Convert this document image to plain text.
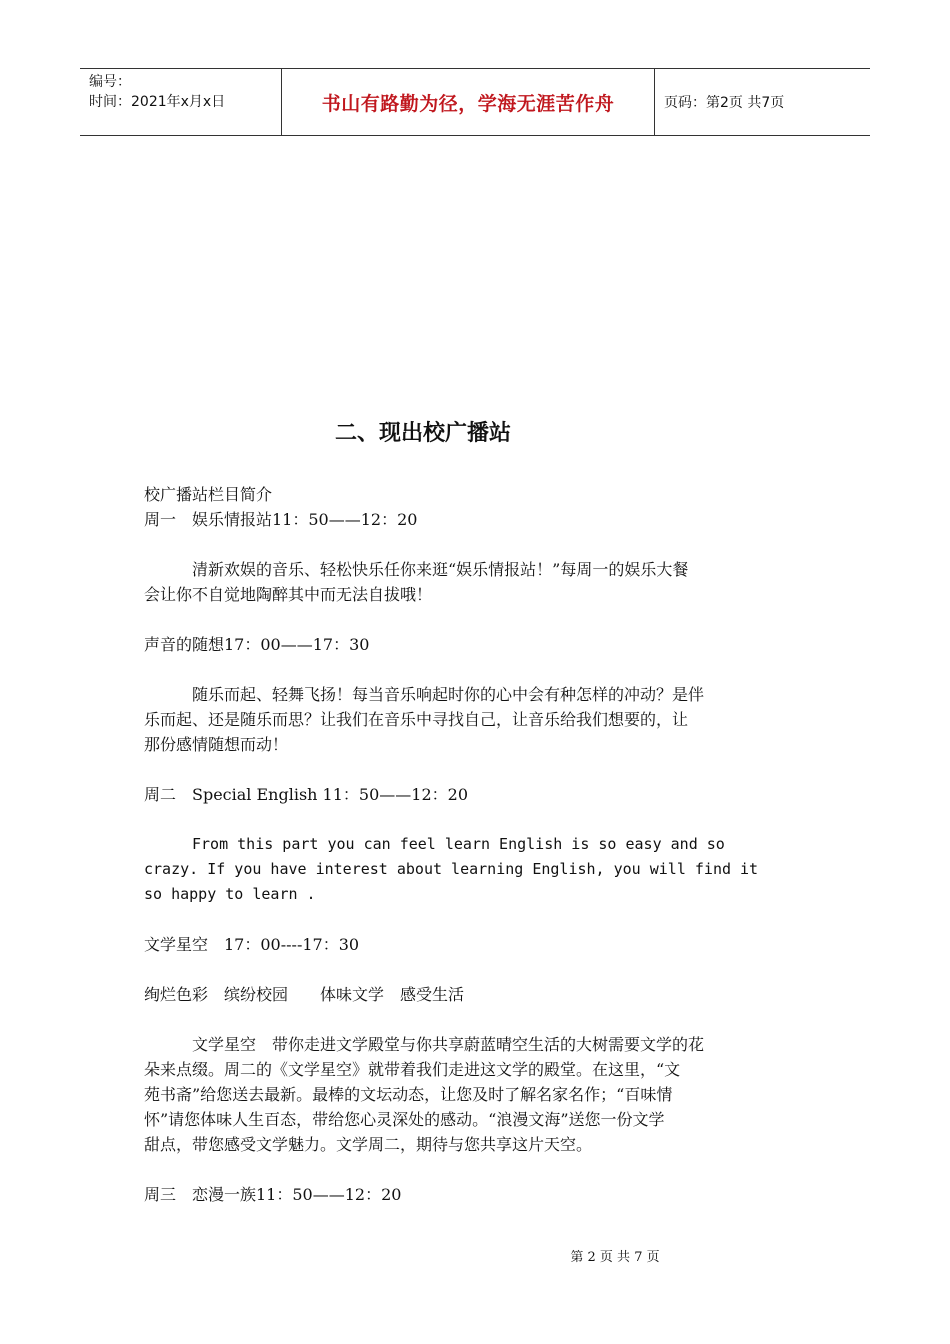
编号：
时间：2021年x月x日	书山有路勤为径，学海无涯苦作舟	页码：第2页 共7页
二、现出校广播站

校广播站栏目简介

周一　娱乐情报站11：50——12：20

清新欢娱的音乐、轻松快乐任你来逛“娱乐情报站！”每周一的娱乐大餐

会让你不自觉地陶醉其中而无法自拔哦！

声音的随想17：00——17：30

随乐而起、轻舞飞扬！每当音乐响起时你的心中会有种怎样的冲动？是伴

乐而起、还是随乐而思？让我们在音乐中寻找自己，让音乐给我们想要的，让

那份感情随想而动！

周二　Special English 11：50——12：20

From this part you can feel learn English is so easy and so

crazy. If you have interest about learning English, you will find it

so happy to learn .

文学星空　17：00----17：30

绚烂色彩　缤纷校园　　体味文学　感受生活

文学星空　带你走进文学殿堂与你共享蔚蓝晴空生活的大树需要文学的花

朵来点缀。周二的《文学星空》就带着我们走进这文学的殿堂。在这里，“文

苑书斋”给您送去最新。最棒的文坛动态，让您及时了解名家名作；“百味情

怀”请您体味人生百态，带给您心灵深处的感动。“浪漫文海”送您一份文学

甜点，带您感受文学魅力。文学周二，期待与您共享这片天空。

周三　恋漫一族11：50——12：20

第 2 页 共 7 页
